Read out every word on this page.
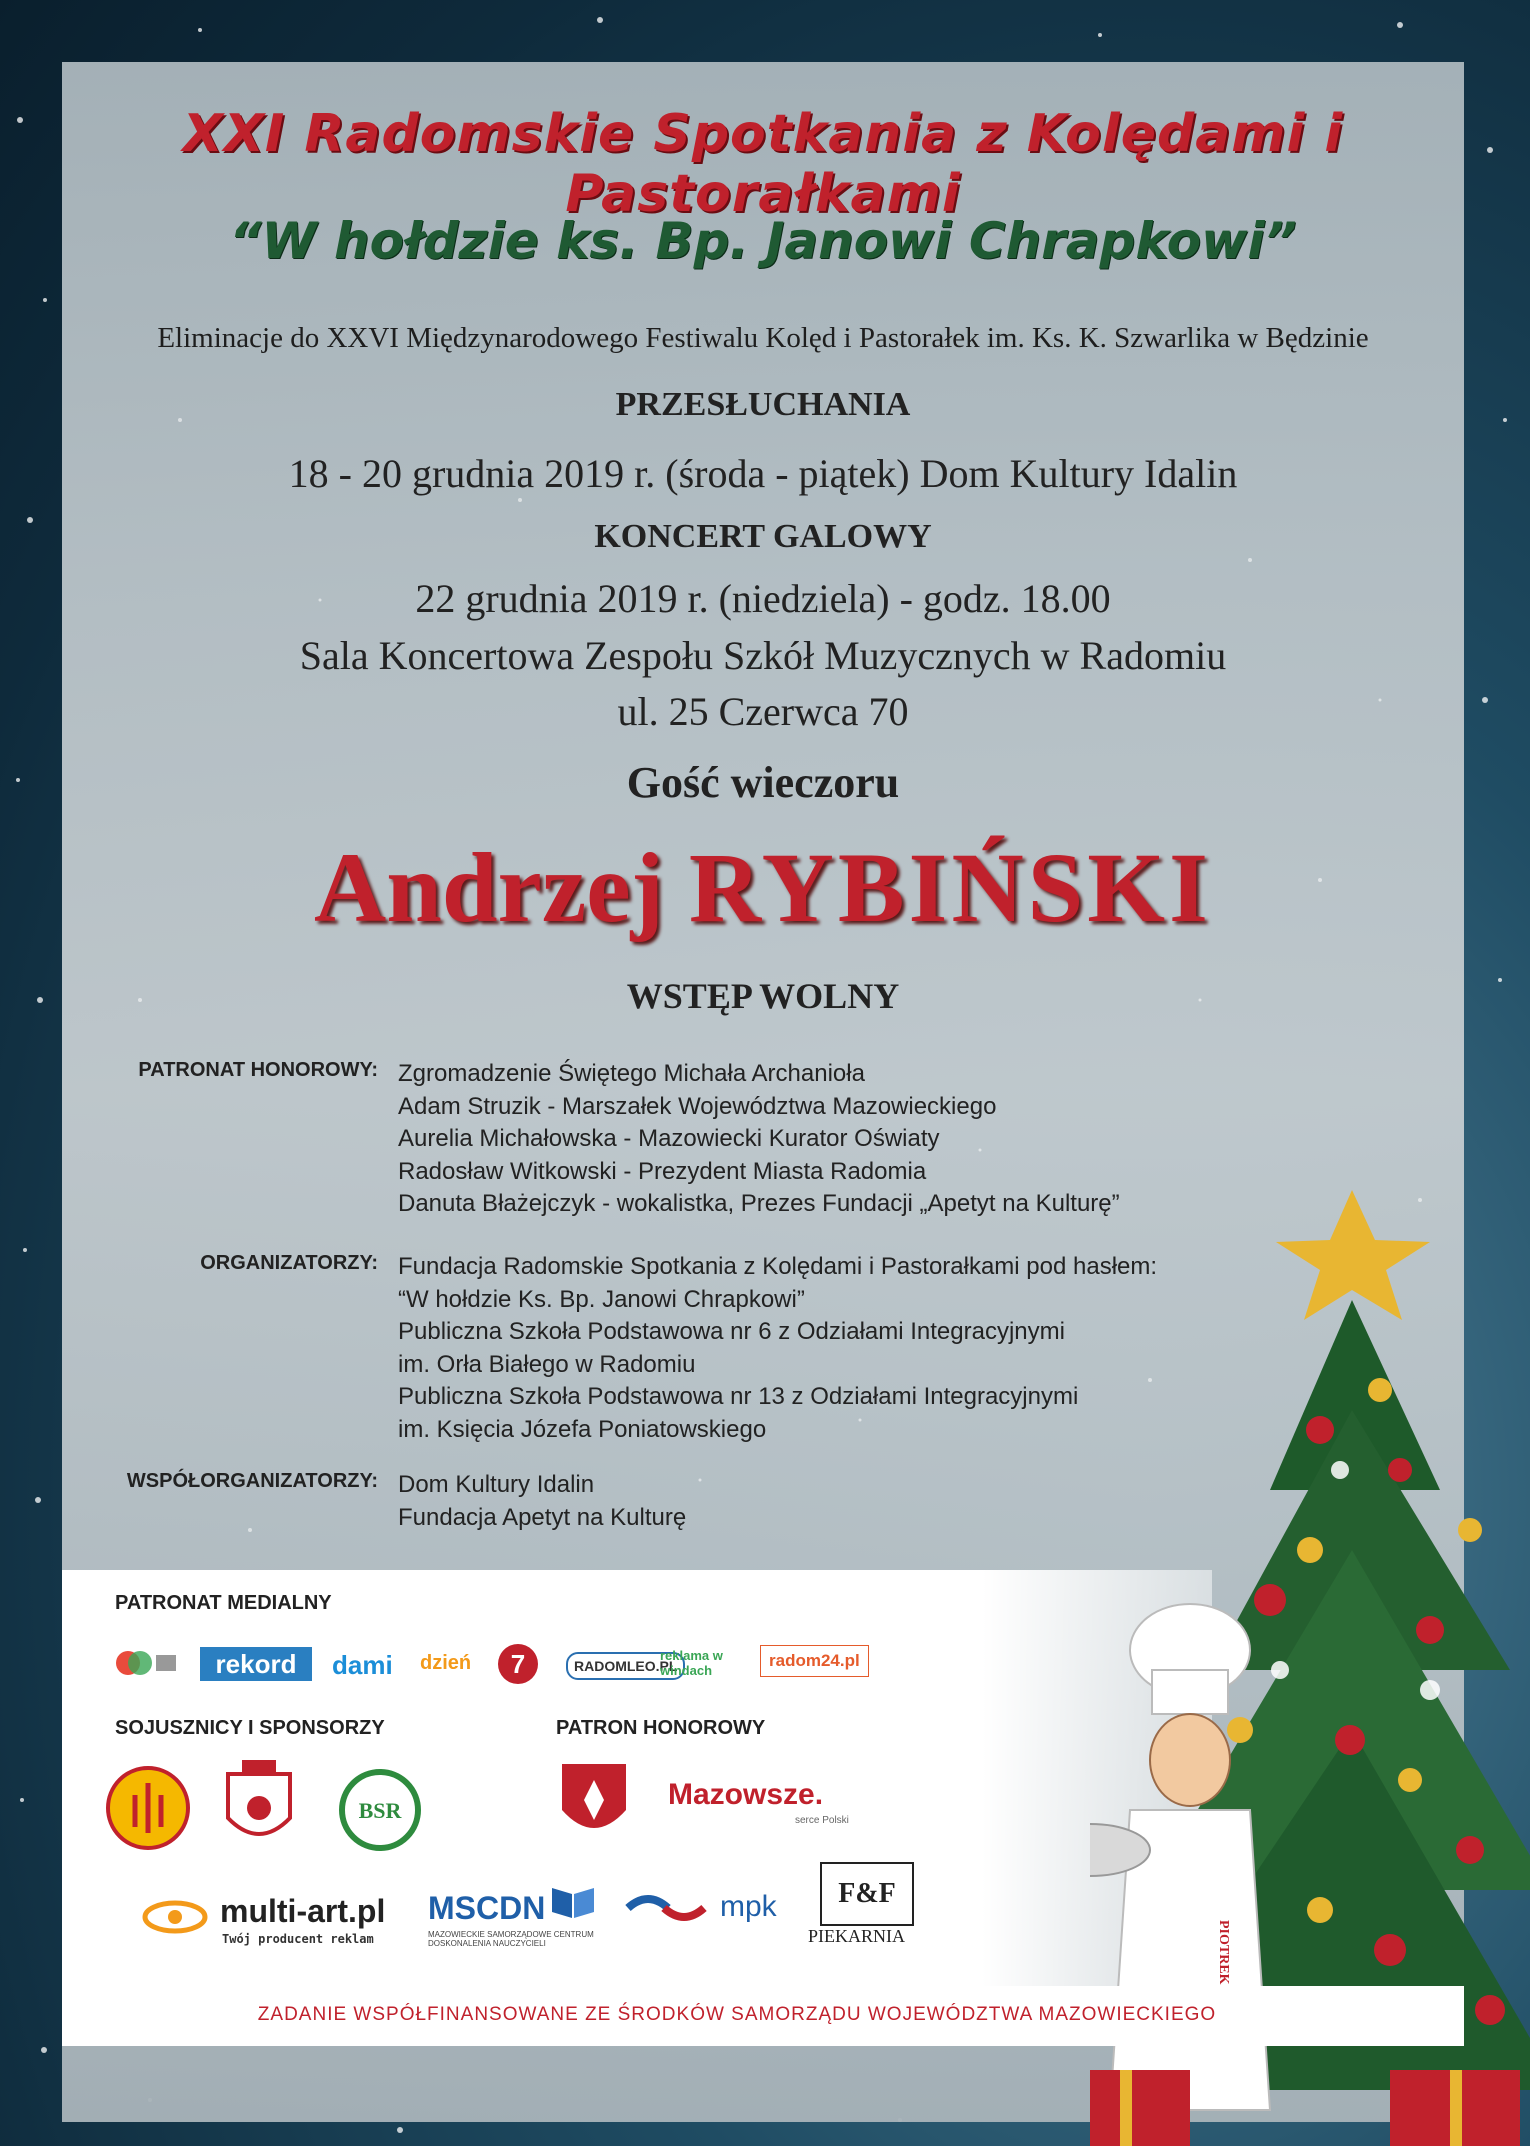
XXI Radomskie Spotkania z Kolędami i Pastorałkami
“W hołdzie ks. Bp. Janowi Chrapkowi”
Eliminacje do XXVI Międzynarodowego Festiwalu Kolęd i Pastorałek im. Ks. K. Szwarlika w Będzinie
PRZESŁUCHANIA
18 - 20 grudnia 2019 r. (środa - piątek) Dom Kultury Idalin
KONCERT GALOWY
22 grudnia 2019 r. (niedziela) - godz. 18.00
Sala Koncertowa Zespołu Szkół Muzycznych w Radomiu
ul. 25 Czerwca 70
Gość wieczoru
Andrzej RYBIŃSKI
WSTĘP WOLNY
PATRONAT HONOROWY: Zgromadzenie Świętego Michała Archanioła
Adam Struzik - Marszałek Województwa Mazowieckiego
Aurelia Michałowska - Mazowiecki Kurator Oświaty
Radosław Witkowski - Prezydent Miasta Radomia
Danuta Błażejczyk - wokalistka, Prezes Fundacji „Apetyt na Kulturę”
ORGANIZATORZY: Fundacja Radomskie Spotkania z Kolędami i Pastorałkami pod hasłem:
“W hołdzie Ks. Bp. Janowi Chrapkowi”
Publiczna Szkoła Podstawowa nr 6 z Odziałami Integracyjnymi
im. Orła Białego w Radomiu
Publiczna Szkoła Podstawowa nr 13 z Odziałami Integracyjnymi
im. Księcia Józefa Poniatowskiego
WSPÓŁORGANIZATORZY: Dom Kultury Idalin
Fundacja Apetyt na Kulturę
PATRONAT MEDIALNY
rekord	dami dzień	7	RADOMLEO.PL
reklama w windach
radom24.pl
SOJUSZNICY I SPONSORZY	PATRON HONOROWY
BSR	Mazowsze.
serce Polski
multi-art.pl
Twój producent reklam
MSCDN
MAZOWIECKIE SAMORZĄDOWE CENTRUM DOSKONALENIA NAUCZYCIELI
mpk	F&F
PIEKARNIA	PIOTREK
ZADANIE WSPÓŁFINANSOWANE ZE ŚRODKÓW SAMORZĄDU WOJEWÓDZTWA MAZOWIECKIEGO
